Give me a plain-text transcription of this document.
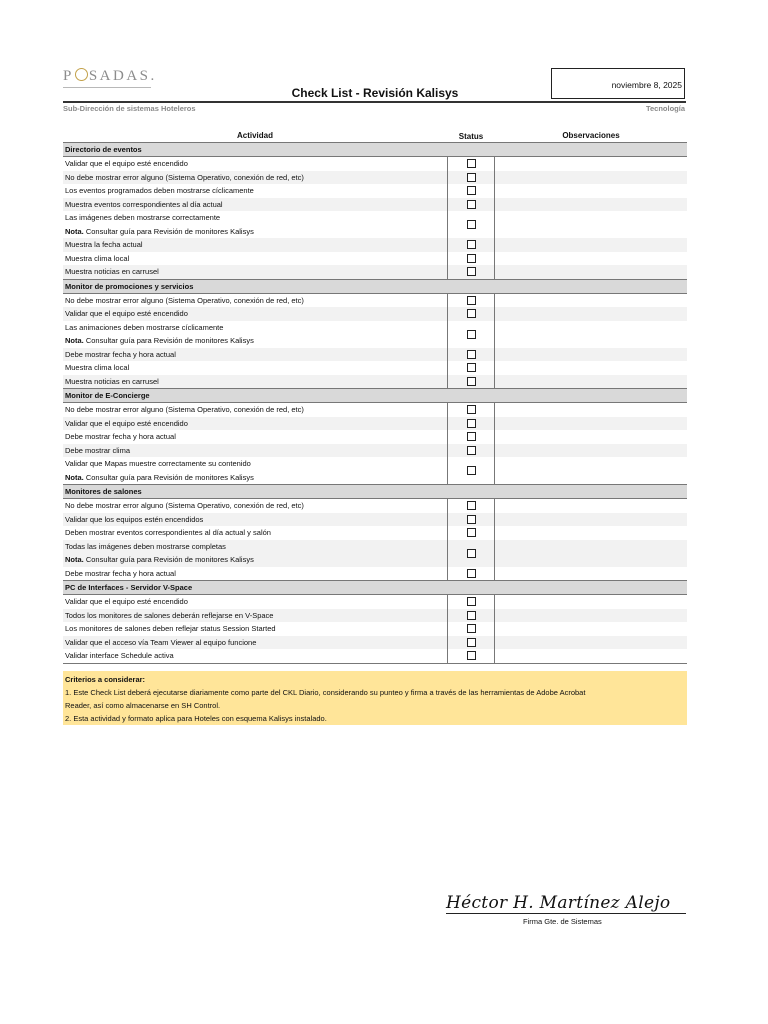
P SADAS.
Check List - Revisión Kalisys
noviembre 8, 2025
Sub-Dirección de sistemas Hoteleros	Tecnología
Actividad	Status	Observaciones
Directorio de eventos
Validar que el equipo esté encendido
No debe mostrar error alguno (Sistema Operativo, conexión de red, etc)
Los eventos programados deben mostrarse cíclicamente
Muestra eventos correspondientes al día actual
Las imágenes deben mostrarse correctamente
Nota. Consultar guía para Revisión de monitores Kalisys
Muestra la fecha actual
Muestra clima local
Muestra noticias en carrusel
Monitor de promociones y servicios
No debe mostrar error alguno (Sistema Operativo, conexión de red, etc)
Validar que el equipo esté encendido
Las animaciones deben mostrarse cíclicamente
Nota. Consultar guía para Revisión de monitores Kalisys
Debe mostrar fecha y hora actual
Muestra clima local
Muestra noticias en carrusel
Monitor de E-Concierge
No debe mostrar error alguno (Sistema Operativo, conexión de red, etc)
Validar que el equipo esté encendido
Debe mostrar fecha y hora actual
Debe mostrar clima
Validar que Mapas muestre correctamente su contenido
Nota. Consultar guía para Revisión de monitores Kalisys
Monitores de salones
No debe mostrar error alguno (Sistema Operativo, conexión de red, etc)
Validar que los equipos estén encendidos
Deben mostrar eventos correspondientes al día actual y salón
Todas las imágenes deben mostrarse completas
Nota. Consultar guía para Revisión de monitores Kalisys
Debe mostrar fecha y hora actual
PC de Interfaces - Servidor V-Space
Validar que el equipo esté encendido
Todos los monitores de salones deberán reflejarse en V-Space
Los monitores de salones deben reflejar status Session Started
Validar que el acceso vía Team Viewer al equipo funcione
Validar interface Schedule activa
Criterios a considerar:
1. Este Check List deberá ejecutarse diariamente como parte del CKL Diario, considerando su punteo y firma a través de las herramientas de Adobe Acrobat
Reader, así como almacenarse en SH Control.
2. Esta actividad y formato aplica para Hoteles con esquema Kalisys instalado.
Héctor H. Martínez Alejo
Firma Gte. de Sistemas
